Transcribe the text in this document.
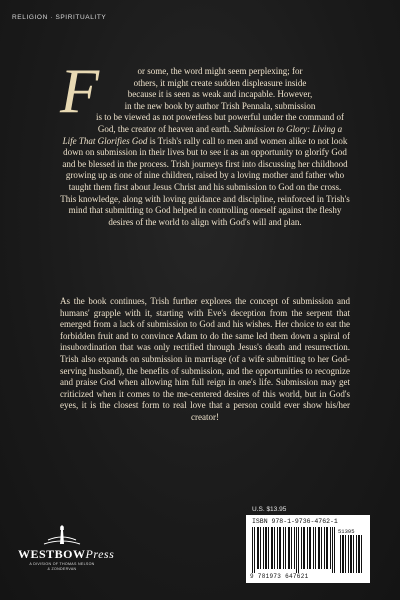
RELIGION · SPIRITUALITY
F	or some, the word might seem perplexing; for
others, it might create sudden displeasure inside
because it is seen as weak and incapable. However,
in the new book by author Trish Pennala, submission
is to be viewed as not powerless but powerful under the command of God, the creator of heaven and earth. Submission to Glory: Living a Life That Glorifies God is Trish's rally call to men and women alike to not look down on submission in their lives but to see it as an opportunity to glorify God and be blessed in the process. Trish journeys first into discussing her childhood growing up as one of nine children, raised by a loving mother and father who taught them first about Jesus Christ and his submission to God on the cross. This knowledge, along with loving guidance and discipline, reinforced in Trish's mind that submitting to God helped in controlling oneself against the fleshy desires of the world to align with God's will and plan.

As the book continues, Trish further explores the concept of submission and humans' grapple with it, starting with Eve's deception from the serpent that emerged from a lack of submission to God and his wishes. Her choice to eat the forbidden fruit and to convince Adam to do the same led them down a spiral of insubordination that was only rectified through Jesus's death and resurrection. Trish also expands on submission in marriage (of a wife submitting to her God-serving husband), the benefits of submission, and the opportunities to recognize and praise God when allowing him full reign in one's life. Submission may get criticized when it comes to the me-centered desires of this world, but in God's eyes, it is the closest form to real love that a person could ever show his/her creator!

U.S. $13.95
ISBN 978-1-9736-4762-1
51395
9 781973 647621
WESTBOWPress
A DIVISION OF THOMAS NELSON
& ZONDERVAN
